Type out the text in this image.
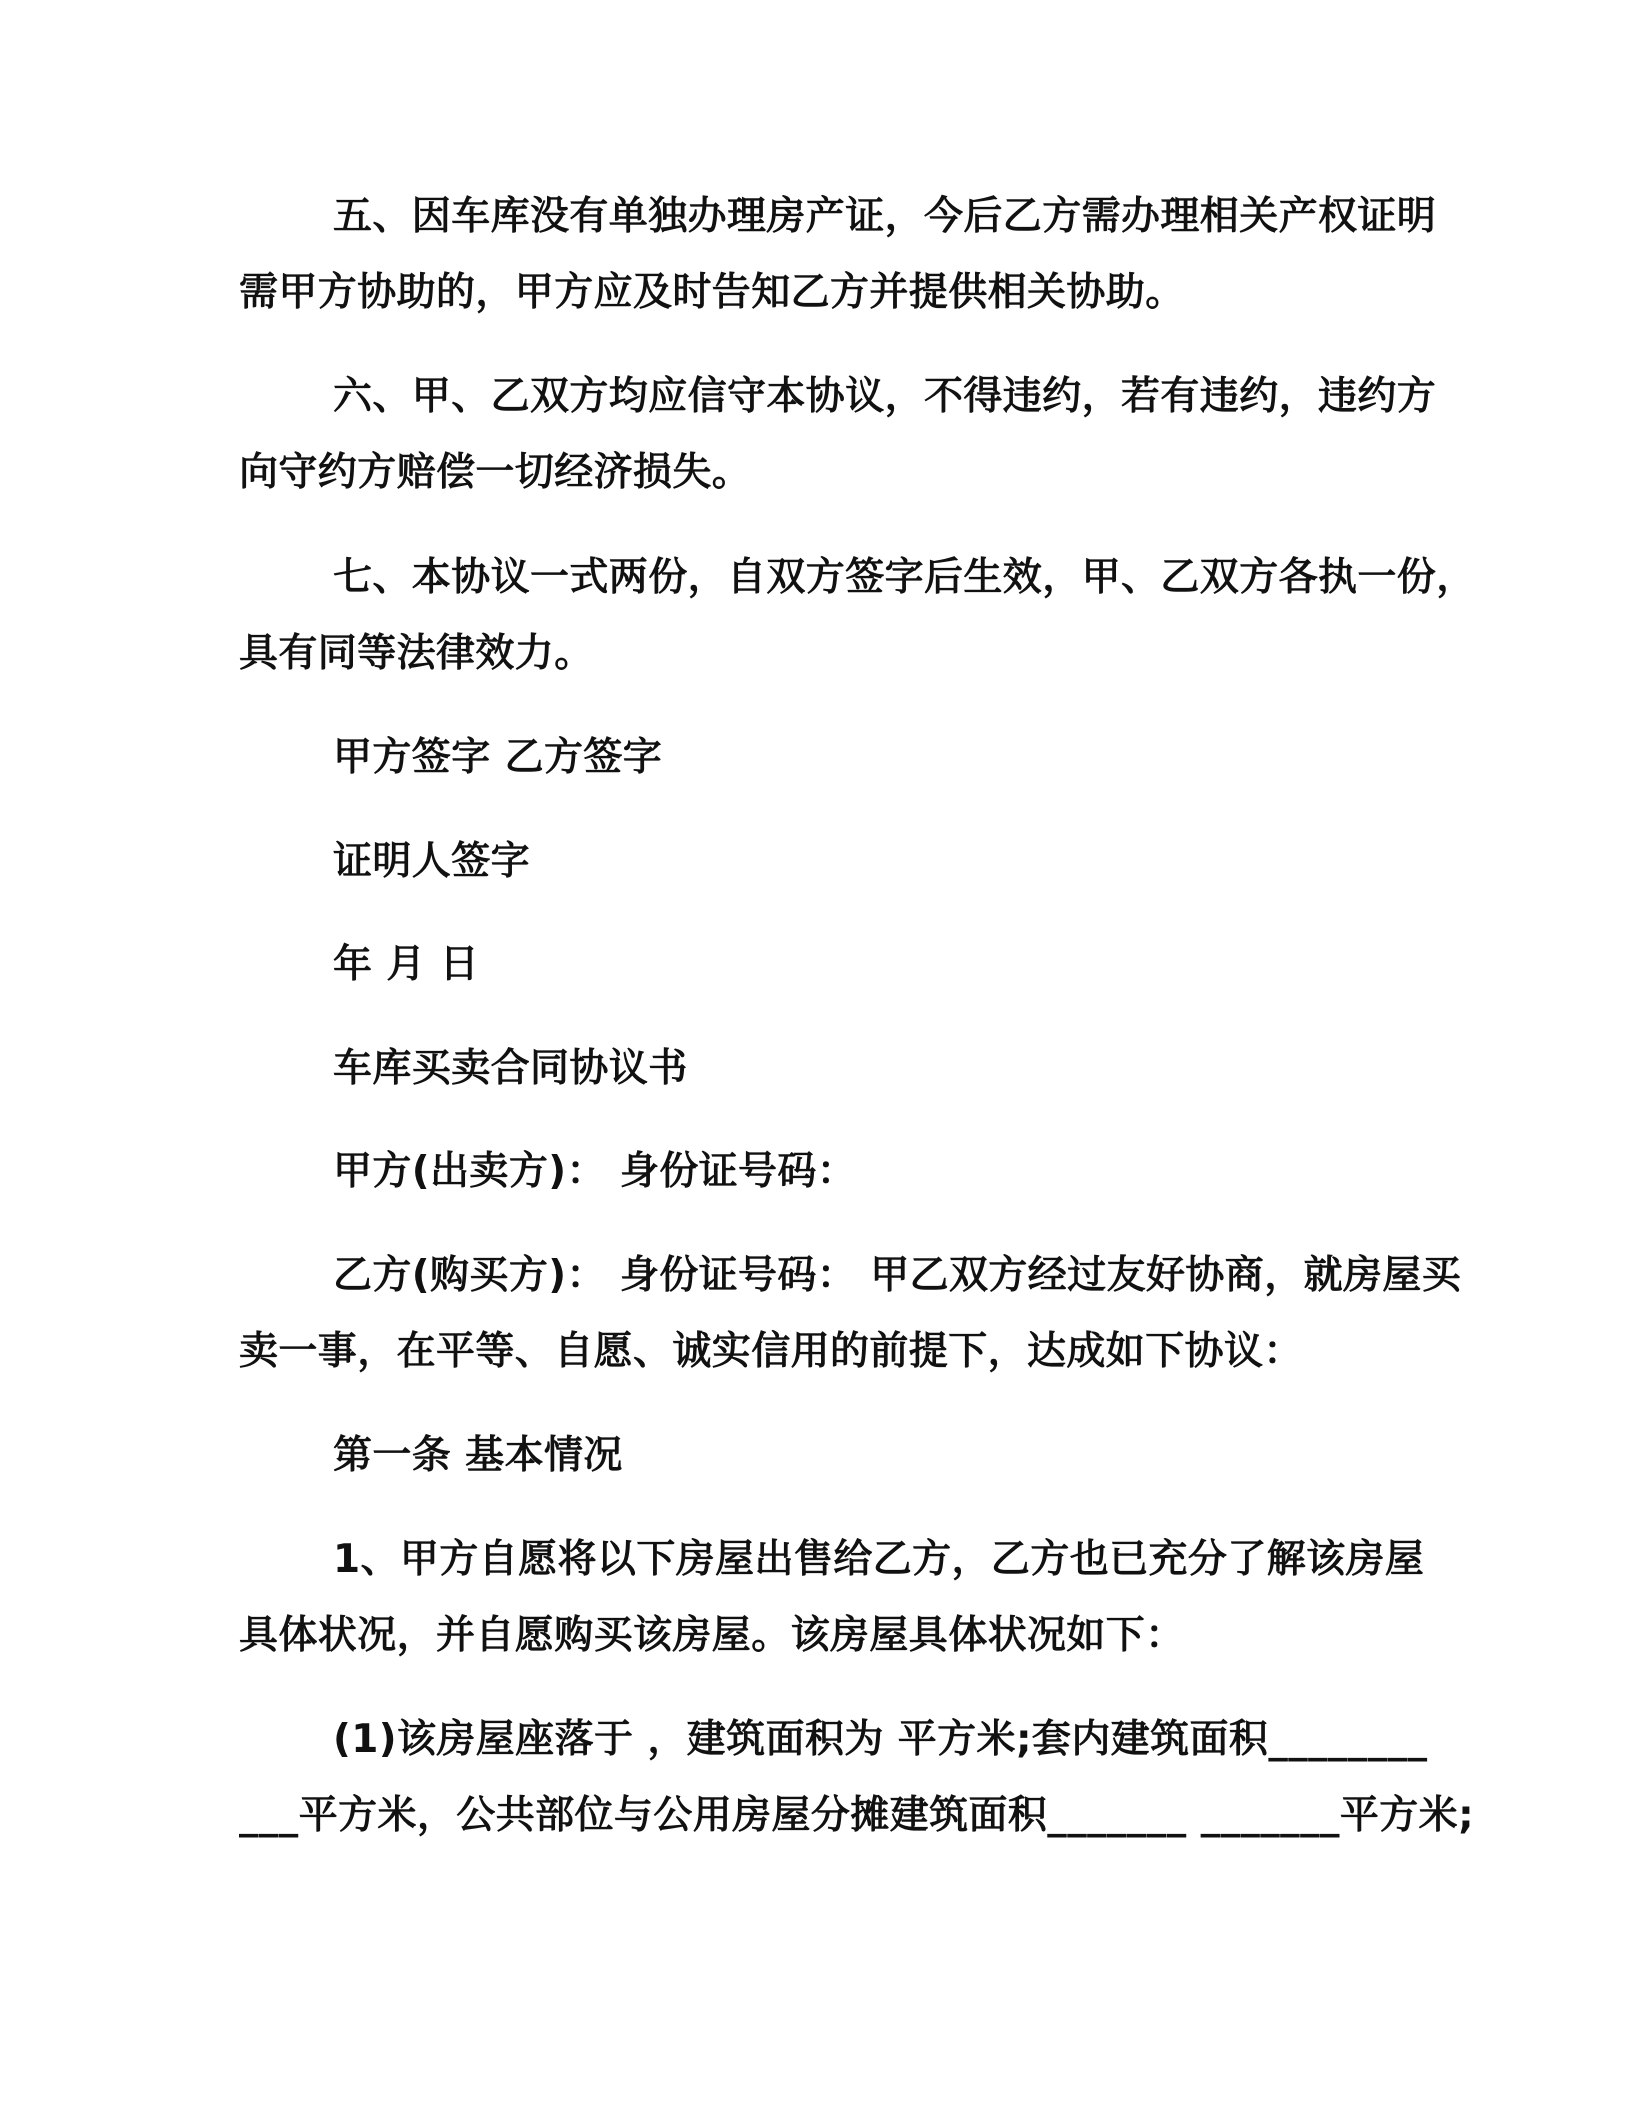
五、因车库没有单独办理房产证，今后乙方需办理相关产权证明
需甲方协助的，甲方应及时告知乙方并提供相关协助。
六、甲、乙双方均应信守本协议，不得违约，若有违约，违约方
向守约方赔偿一切经济损失。
七、本协议一式两份，自双方签字后生效，甲、乙双方各执一份，
具有同等法律效力。
甲方签字 乙方签字
证明人签字
年 月 日
车库买卖合同协议书
甲方(出卖方)： 身份证号码：
乙方(购买方)： 身份证号码： 甲乙双方经过友好协商，就房屋买
卖一事，在平等、自愿、诚实信用的前提下，达成如下协议：
第一条 基本情况
1、甲方自愿将以下房屋出售给乙方，乙方也已充分了解该房屋
具体状况，并自愿购买该房屋。该房屋具体状况如下：
(1)该房屋座落于 ，建筑面积为 平方米;套内建筑面积________
___平方米，公共部位与公用房屋分摊建筑面积_______ _______平方米;
